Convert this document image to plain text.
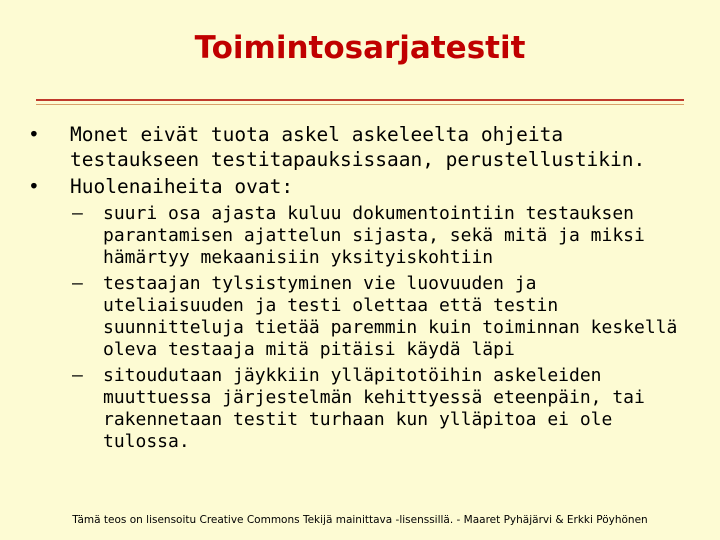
Toimintosarjatestit
•	Monet eivät tuota askel askeleelta ohjeita testaukseen testitapauksissaan, perustellustikin.
•	Huolenaiheita ovat:
– suuri osa ajasta kuluu dokumentointiin testauksen parantamisen ajattelun sijasta, sekä mitä ja miksi hämärtyy mekaanisiin yksityiskohtiin
– testaajan tylsistyminen vie luovuuden ja uteliaisuuden ja testi olettaa että testin suunnitteluja tietää paremmin kuin toiminnan keskellä oleva testaaja mitä pitäisi käydä läpi
– sitoudutaan jäykkiin ylläpitotöihin askeleiden muuttuessa järjestelmän kehittyessä eteenpäin, tai rakennetaan testit turhaan kun ylläpitoa ei ole tulossa.
Tämä teos on lisensoitu Creative Commons Tekijä mainittava -lisenssillä. - Maaret Pyhäjärvi & Erkki Pöyhönen
